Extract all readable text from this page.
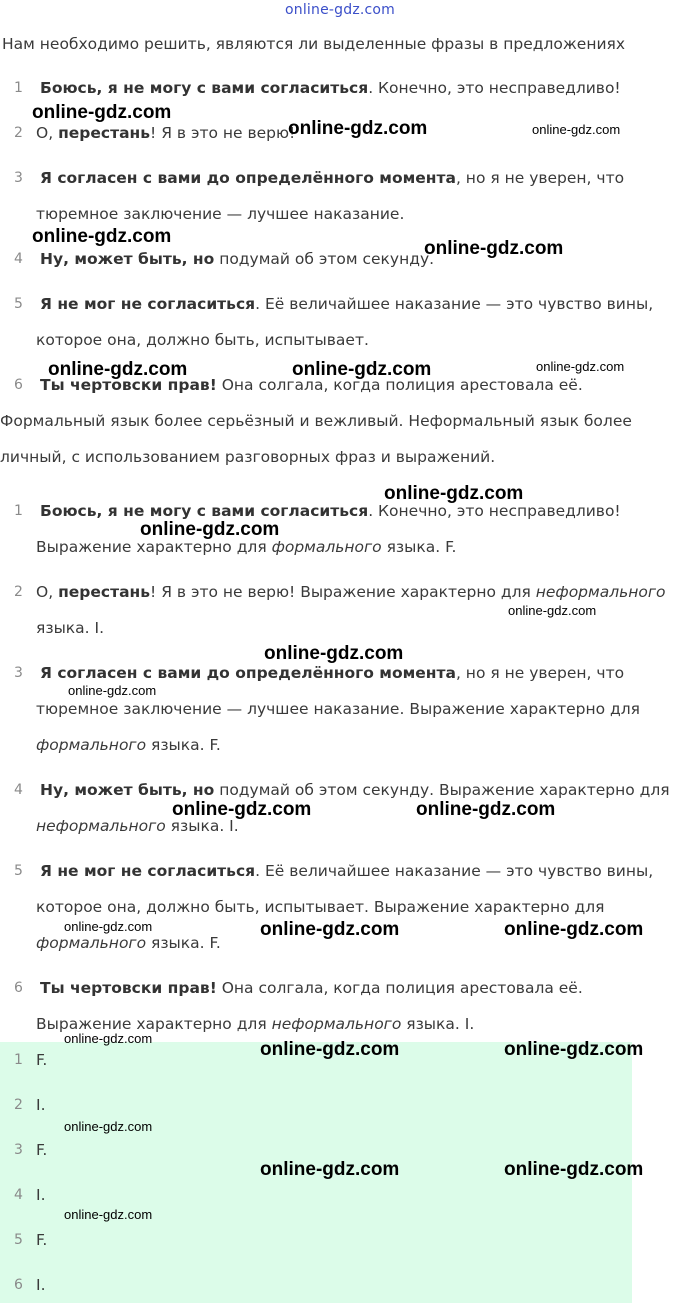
online-gdz.com
Нам необходимо решить, являются ли выделенные фразы в предложениях
1	Боюсь, я не могу с вами согласиться. Конечно, это несправедливо!
2 О, перестань! Я в это не верю!
3	Я согласен с вами до определённого момента, но я не уверен, что
тюремное заключение — лучшее наказание.
4	Ну, может быть, но подумай об этом секунду.
5	Я не мог не согласиться. Её величайшее наказание — это чувство вины,
которое она, должно быть, испытывает.
6	Ты чертовски прав! Она солгала, когда полиция арестовала её.
Формальный язык более серьёзный и вежливый. Неформальный язык более
личный, с использованием разговорных фраз и выражений.
1	Боюсь, я не могу с вами согласиться. Конечно, это несправедливо!
Выражение характерно для формального языка. F.
2 О, перестань! Я в это не верю! Выражение характерно для неформального
языка. I.
3	Я согласен с вами до определённого момента, но я не уверен, что
тюремное заключение — лучшее наказание. Выражение характерно для
формального языка. F.
4	Ну, может быть, но подумай об этом секунду. Выражение характерно для
неформального языка. I.
5	Я не мог не согласиться. Её величайшее наказание — это чувство вины,
которое она, должно быть, испытывает. Выражение характерно для
формального языка. F.
6	Ты чертовски прав! Она солгала, когда полиция арестовала её.
Выражение характерно для неформального языка. I.
1 F.
2 I.
3 F.
4 I.
5 F.
6 I.
online-gdz.com
online-gdz.com	online-gdz.com
online-gdz.com
online-gdz.com
online-gdz.com	online-gdz.com	online-gdz.com
online-gdz.com
online-gdz.com
online-gdz.com
online-gdz.com
online-gdz.com
online-gdz.com	online-gdz.com
online-gdz.com	online-gdz.com	online-gdz.com
online-gdz.com
online-gdz.com	online-gdz.com
online-gdz.com
online-gdz.com	online-gdz.com
online-gdz.com
